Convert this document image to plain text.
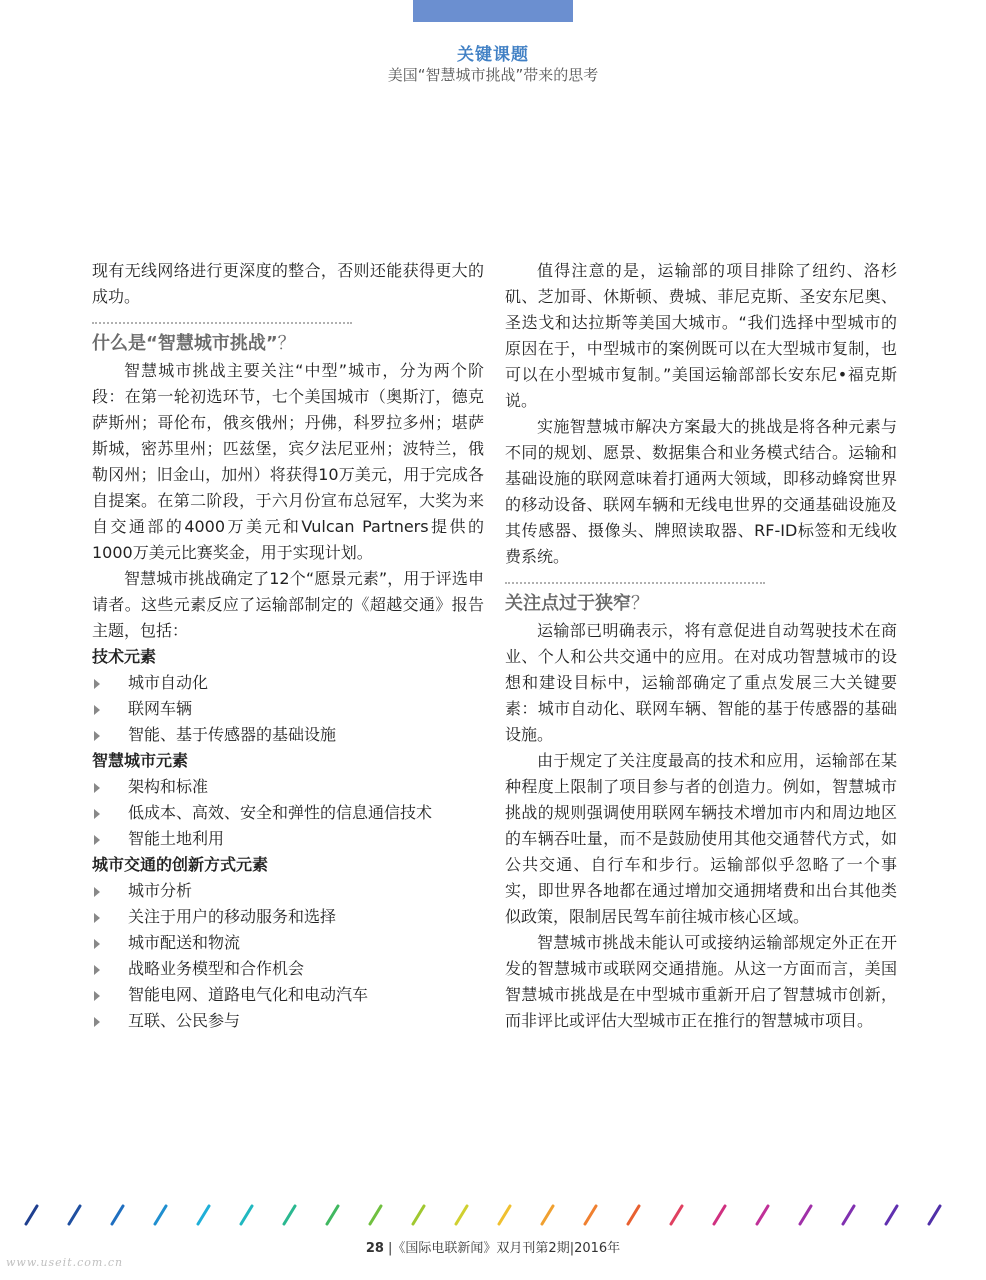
关键课题
美国“智慧城市挑战”带来的思考

现有无线网络进行更深度的整合，否则还能获得更大的成功。

什么是“智慧城市挑战”？

智慧城市挑战主要关注“中型”城市，分为两个阶段：在第一轮初选环节，七个美国城市（奥斯汀，德克萨斯州；哥伦布，俄亥俄州；丹佛，科罗拉多州；堪萨斯城，密苏里州；匹兹堡，宾夕法尼亚州；波特兰，俄勒冈州；旧金山，加州）将获得10万美元，用于完成各自提案。在第二阶段，于六月份宣布总冠军，大奖为来自交通部的4000万美元和Vulcan Partners提供的1000万美元比赛奖金，用于实现计划。

智慧城市挑战确定了12个“愿景元素”，用于评选申请者。这些元素反应了运输部制定的《超越交通》报告主题，包括：

技术元素
城市自动化
联网车辆
智能、基于传感器的基础设施
智慧城市元素
架构和标准
低成本、高效、安全和弹性的信息通信技术
智能土地利用
城市交通的创新方式元素
城市分析
关注于用户的移动服务和选择
城市配送和物流
战略业务模型和合作机会
智能电网、道路电气化和电动汽车
互联、公民参与

值得注意的是，运输部的项目排除了纽约、洛杉矶、芝加哥、休斯顿、费城、菲尼克斯、圣安东尼奥、圣迭戈和达拉斯等美国大城市。“我们选择中型城市的原因在于，中型城市的案例既可以在大型城市复制，也可以在小型城市复制。”美国运输部部长安东尼•福克斯说。

实施智慧城市解决方案最大的挑战是将各种元素与不同的规划、愿景、数据集合和业务模式结合。运输和基础设施的联网意味着打通两大领域，即移动蜂窝世界的移动设备、联网车辆和无线电世界的交通基础设施及其传感器、摄像头、牌照读取器、RF-ID标签和无线收费系统。

关注点过于狭窄？

运输部已明确表示，将有意促进自动驾驶技术在商业、个人和公共交通中的应用。在对成功智慧城市的设想和建设目标中，运输部确定了重点发展三大关键要素：城市自动化、联网车辆、智能的基于传感器的基础设施。

由于规定了关注度最高的技术和应用，运输部在某种程度上限制了项目参与者的创造力。例如，智慧城市挑战的规则强调使用联网车辆技术增加市内和周边地区的车辆吞吐量，而不是鼓励使用其他交通替代方式，如公共交通、自行车和步行。运输部似乎忽略了一个事实，即世界各地都在通过增加交通拥堵费和出台其他类似政策，限制居民驾车前往城市核心区域。

智慧城市挑战未能认可或接纳运输部规定外正在开发的智慧城市或联网交通措施。从这一方面而言，美国智慧城市挑战是在中型城市重新开启了智慧城市创新，而非评比或评估大型城市正在推行的智慧城市项目。

28 |《国际电联新闻》双月刊第2期|2016年
www.useit.com.cn
